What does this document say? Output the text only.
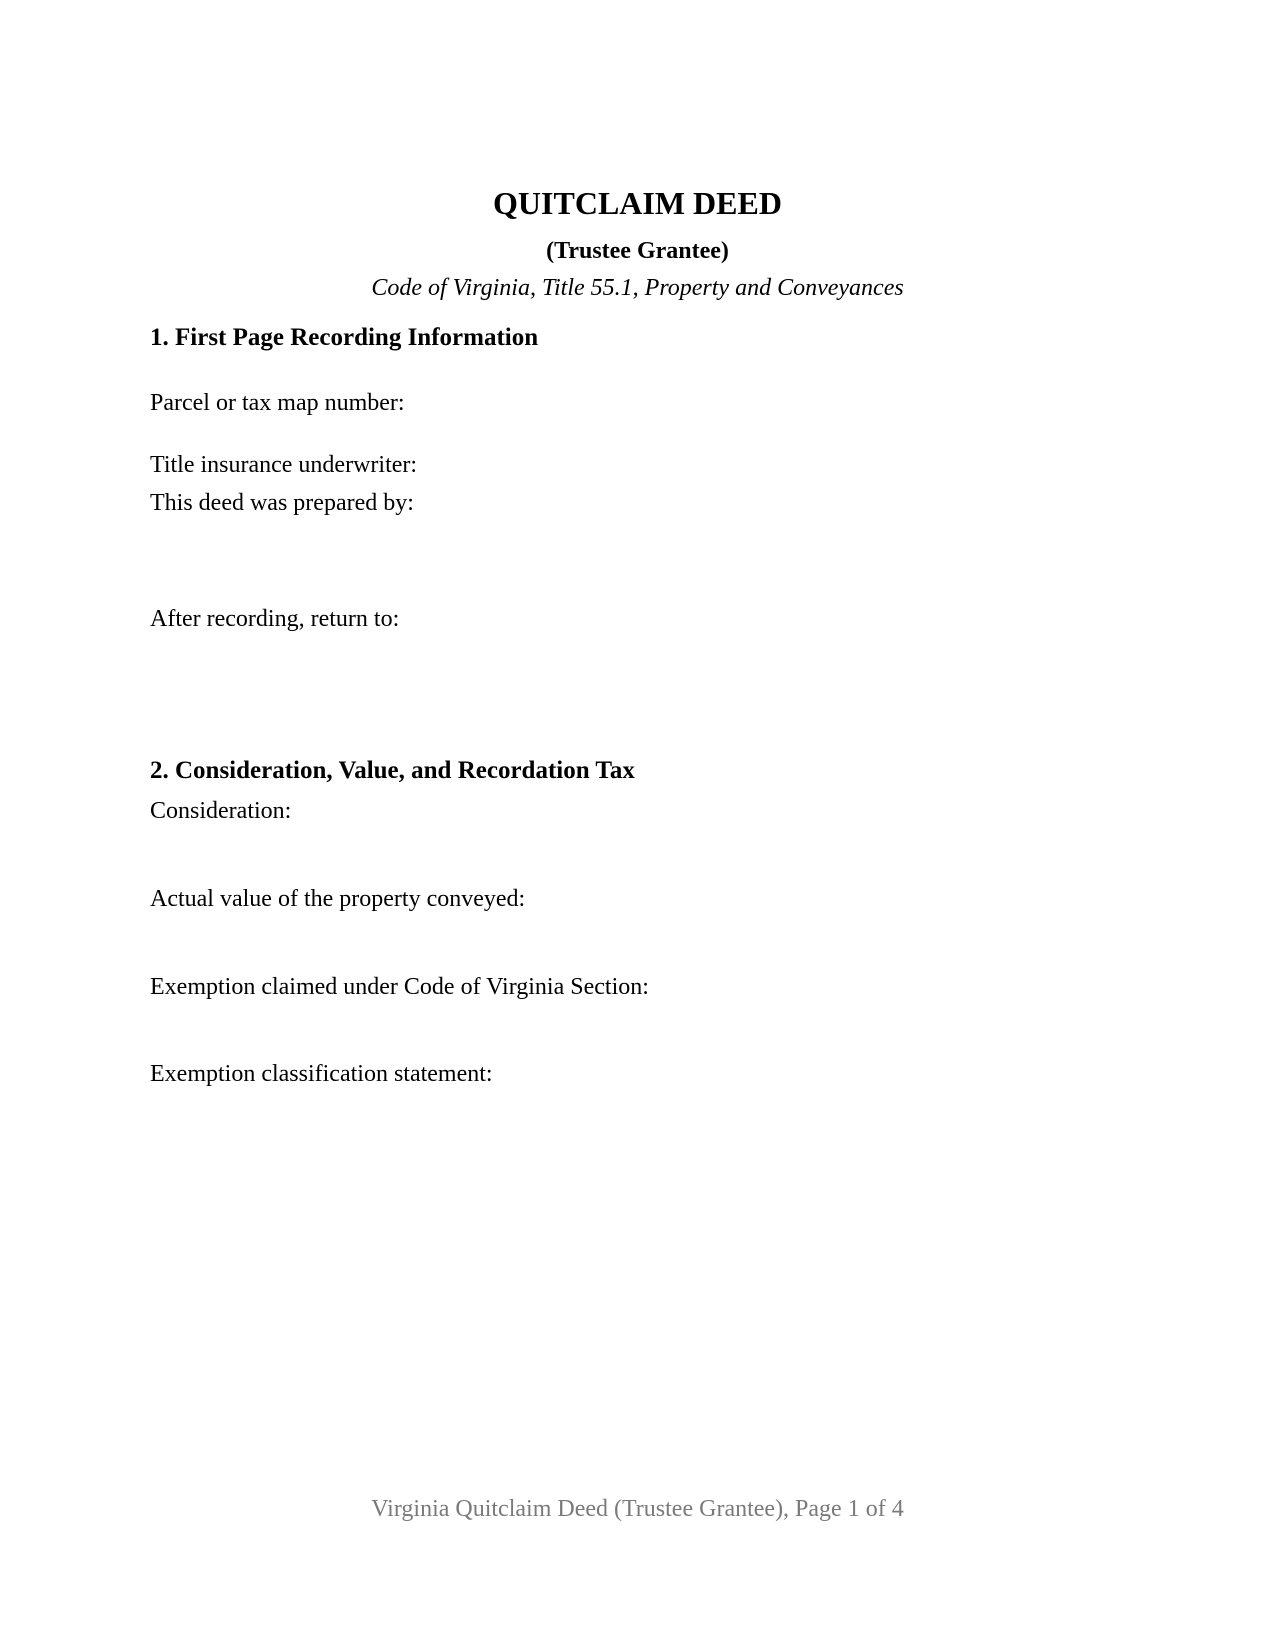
QUITCLAIM DEED
(Trustee Grantee)
Code of Virginia, Title 55.1, Property and Conveyances
1. First Page Recording Information
Parcel or tax map number:
Title insurance underwriter:
This deed was prepared by:
After recording, return to:
2. Consideration, Value, and Recordation Tax
Consideration:
Actual value of the property conveyed:
Exemption claimed under Code of Virginia Section:
Exemption classification statement:
Virginia Quitclaim Deed (Trustee Grantee), Page 1 of 4
